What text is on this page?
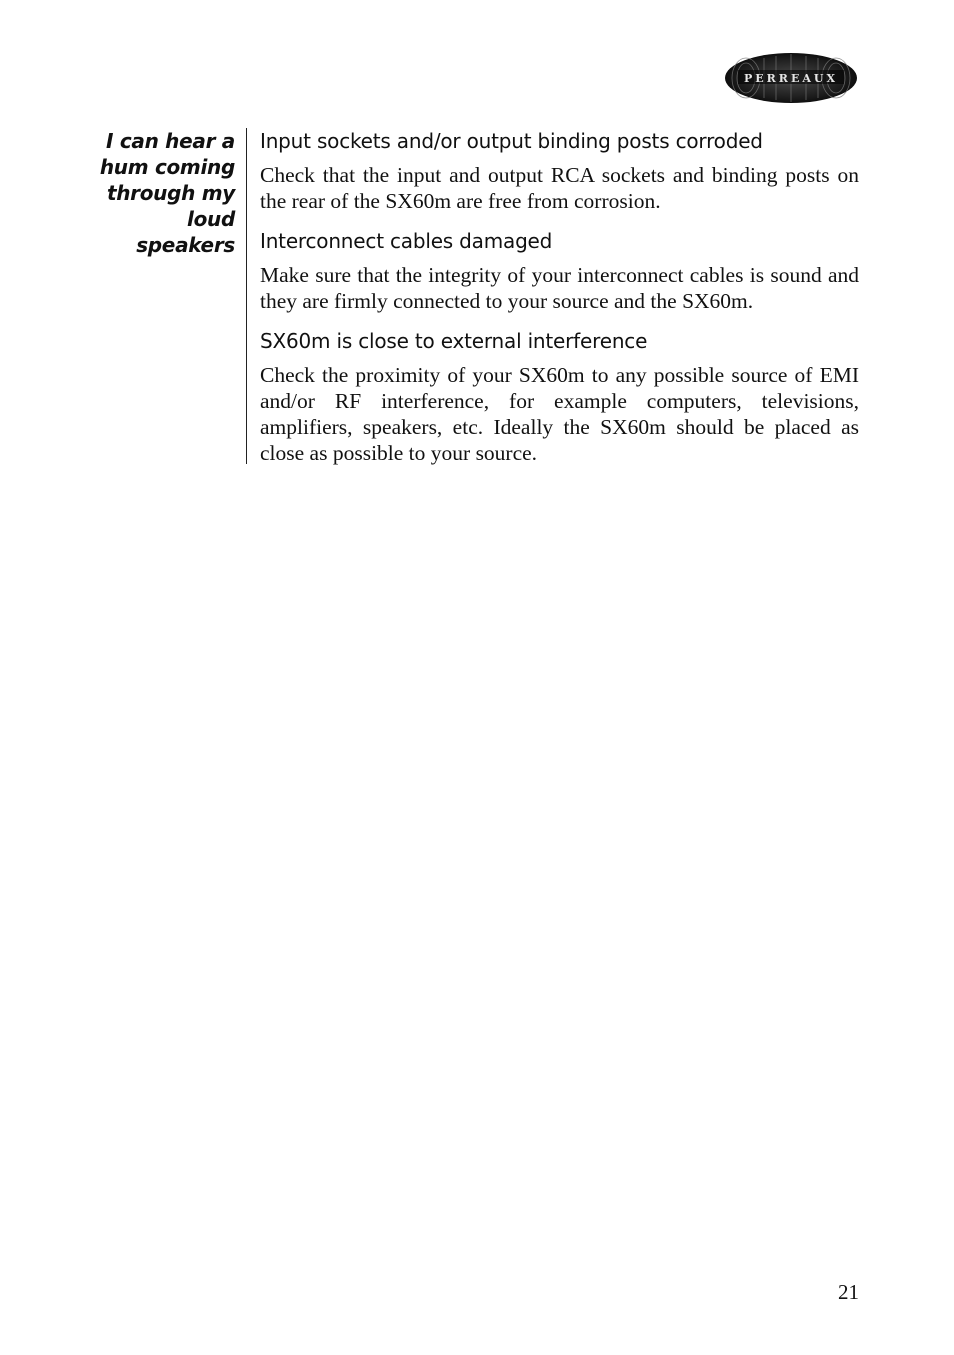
PERREAUX
I can hear a
hum coming
through my
loud
speakers
Input sockets and/or output binding posts corroded

Check that the input and output RCA sockets and binding posts on the rear of the SX60m are free from corrosion.

Interconnect cables damaged

Make sure that the integrity of your interconnect cables is sound and they are firmly connected to your source and the SX60m.

SX60m is close to external interference

Check the proximity of your SX60m to any possible source of EMI and/or RF interference, for example computers, televisions, amplifiers, speakers, etc. Ideally the SX60m should be placed as close as possible to your source.

21
